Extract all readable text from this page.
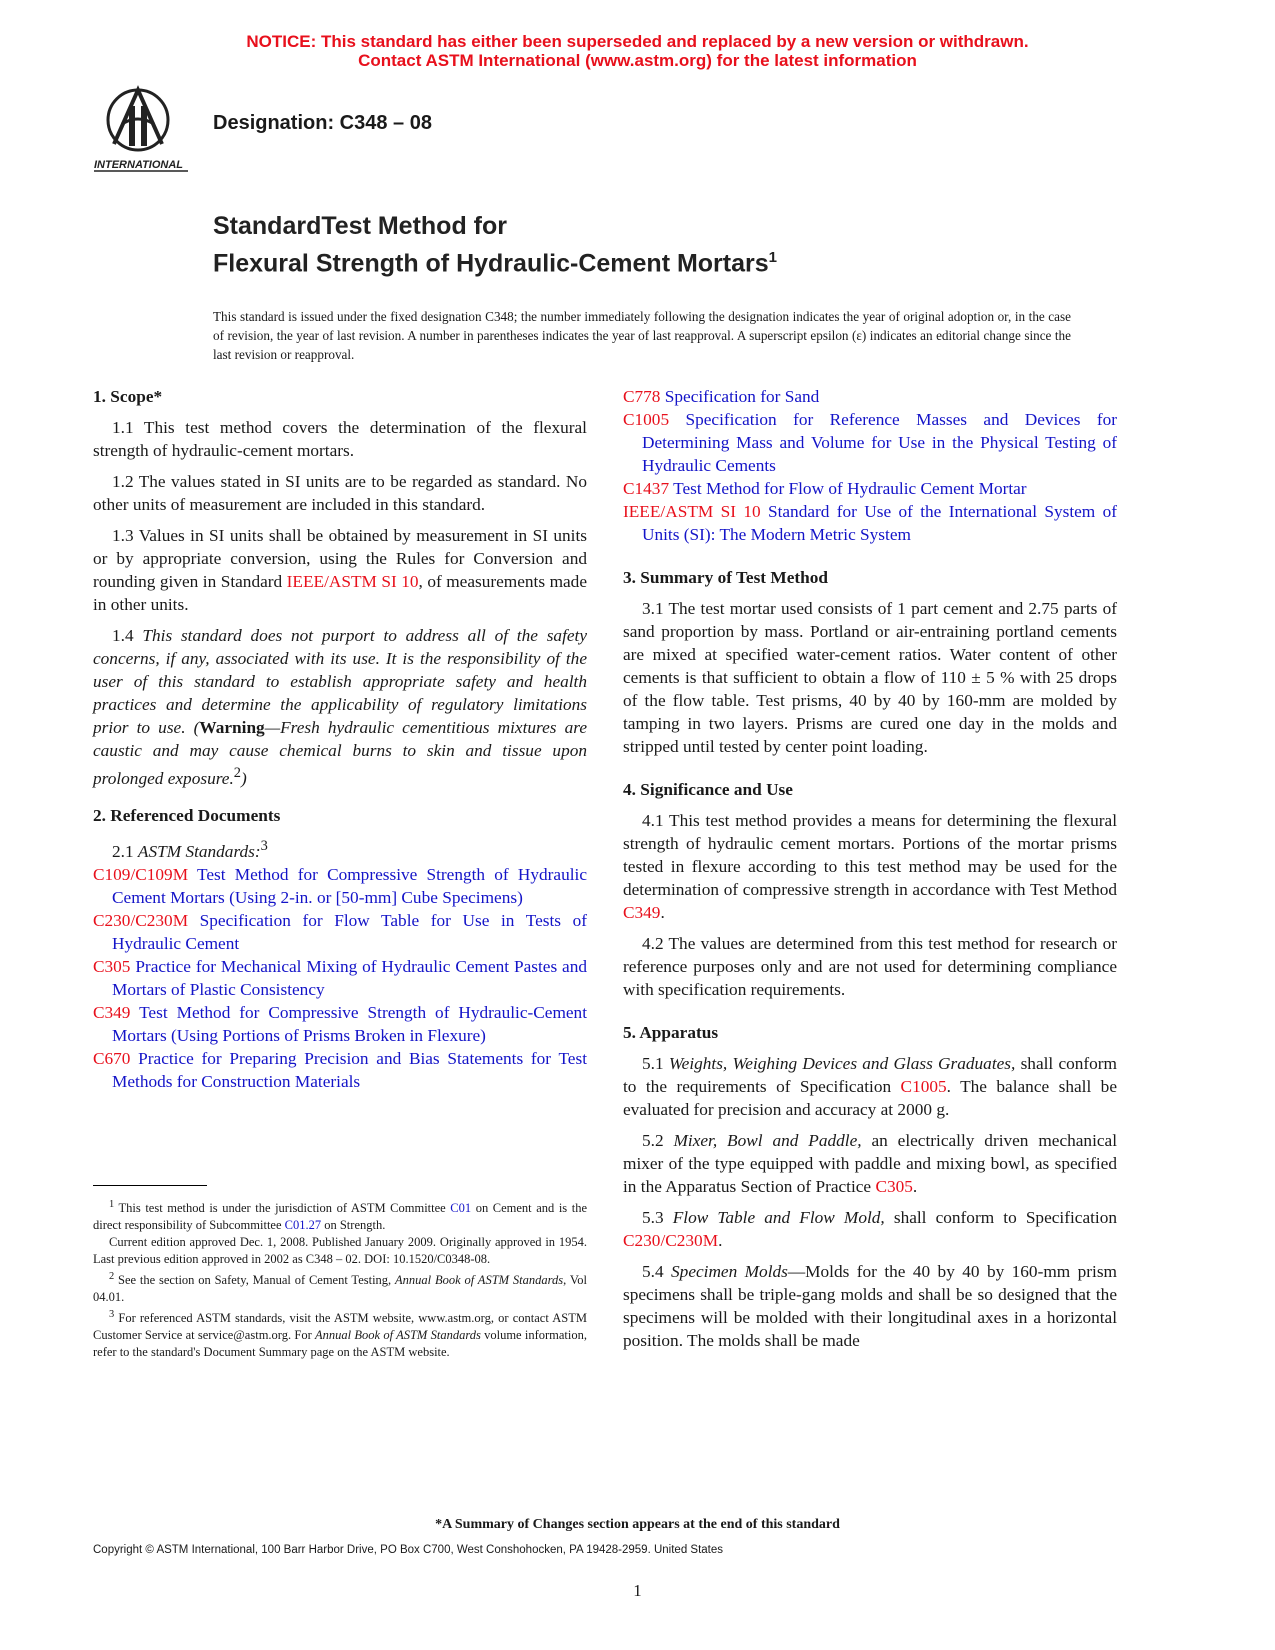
NOTICE: This standard has either been superseded and replaced by a new version or withdrawn.
Contact ASTM International (www.astm.org) for the latest information
INTERNATIONAL
Designation: C348 – 08
StandardTest Method for
Flexural Strength of Hydraulic-Cement Mortars$^1$
This standard is issued under the fixed designation C348; the number immediately following the designation indicates the year of original adoption or, in the case of revision, the year of last revision. A number in parentheses indicates the year of last reapproval. A superscript epsilon (ε) indicates an editorial change since the last revision or reapproval.
1. Scope*

1.1 This test method covers the determination of the flexural strength of hydraulic-cement mortars.

1.2 The values stated in SI units are to be regarded as standard. No other units of measurement are included in this standard.

1.3 Values in SI units shall be obtained by measurement in SI units or by appropriate conversion, using the Rules for Conversion and rounding given in Standard IEEE/ASTM SI 10, of measurements made in other units.

1.4 This standard does not purport to address all of the safety concerns, if any, associated with its use. It is the responsibility of the user of this standard to establish appropriate safety and health practices and determine the applicability of regulatory limitations prior to use. (Warning—Fresh hydraulic cementitious mixtures are caustic and may cause chemical burns to skin and tissue upon prolonged exposure.$^2$)

2. Referenced Documents

2.1 ASTM Standards:$^3$

C109/C109M Test Method for Compressive Strength of Hydraulic Cement Mortars (Using 2-in. or [50-mm] Cube Specimens)
C230/C230M Specification for Flow Table for Use in Tests of Hydraulic Cement
C305 Practice for Mechanical Mixing of Hydraulic Cement Pastes and Mortars of Plastic Consistency
C349 Test Method for Compressive Strength of Hydraulic-Cement Mortars (Using Portions of Prisms Broken in Flexure)
C670 Practice for Preparing Precision and Bias Statements for Test Methods for Construction Materials

$^1$ This test method is under the jurisdiction of ASTM Committee C01 on Cement and is the direct responsibility of Subcommittee C01.27 on Strength.

Current edition approved Dec. 1, 2008. Published January 2009. Originally approved in 1954. Last previous edition approved in 2002 as C348 – 02. DOI: 10.1520/C0348-08.

$^2$ See the section on Safety, Manual of Cement Testing, Annual Book of ASTM Standards, Vol 04.01.

$^3$ For referenced ASTM standards, visit the ASTM website, www.astm.org, or contact ASTM Customer Service at service@astm.org. For Annual Book of ASTM Standards volume information, refer to the standard's Document Summary page on the ASTM website.

C778 Specification for Sand
C1005 Specification for Reference Masses and Devices for Determining Mass and Volume for Use in the Physical Testing of Hydraulic Cements
C1437 Test Method for Flow of Hydraulic Cement Mortar
IEEE/ASTM SI 10 Standard for Use of the International System of Units (SI): The Modern Metric System
3. Summary of Test Method

3.1 The test mortar used consists of 1 part cement and 2.75 parts of sand proportion by mass. Portland or air-entraining portland cements are mixed at specified water-cement ratios. Water content of other cements is that sufficient to obtain a flow of 110 ± 5 % with 25 drops of the flow table. Test prisms, 40 by 40 by 160-mm are molded by tamping in two layers. Prisms are cured one day in the molds and stripped until tested by center point loading.

4. Significance and Use

4.1 This test method provides a means for determining the flexural strength of hydraulic cement mortars. Portions of the mortar prisms tested in flexure according to this test method may be used for the determination of compressive strength in accordance with Test Method C349.

4.2 The values are determined from this test method for research or reference purposes only and are not used for determining compliance with specification requirements.

5. Apparatus

5.1 Weights, Weighing Devices and Glass Graduates, shall conform to the requirements of Specification C1005. The balance shall be evaluated for precision and accuracy at 2000 g.

5.2 Mixer, Bowl and Paddle, an electrically driven mechanical mixer of the type equipped with paddle and mixing bowl, as specified in the Apparatus Section of Practice C305.

5.3 Flow Table and Flow Mold, shall conform to Specification C230/C230M.

5.4 Specimen Molds—Molds for the 40 by 40 by 160-mm prism specimens shall be triple-gang molds and shall be so designed that the specimens will be molded with their longitudinal axes in a horizontal position. The molds shall be made

*A Summary of Changes section appears at the end of this standard
Copyright © ASTM International, 100 Barr Harbor Drive, PO Box C700, West Conshohocken, PA 19428-2959. United States
1
